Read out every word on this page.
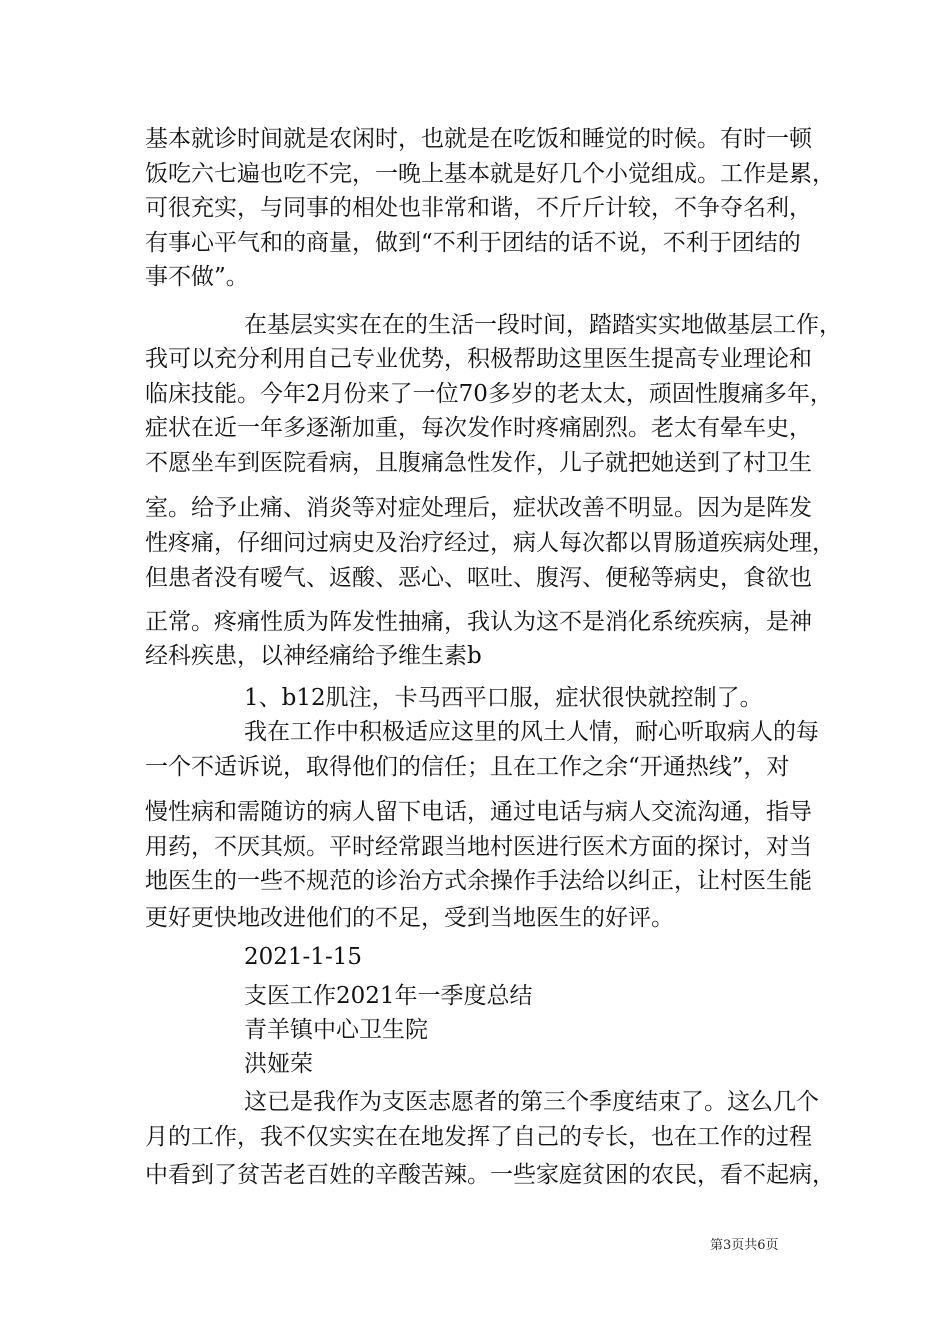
基本就诊时间就是农闲时，也就是在吃饭和睡觉的时候。有时一顿
饭吃六七遍也吃不完，一晚上基本就是好几个小觉组成。工作是累，
可很充实，与同事的相处也非常和谐，不斤斤计较，不争夺名利，
有事心平气和的商量，做到“不利于团结的话不说，不利于团结的
事不做”。
在基层实实在在的生活一段时间，踏踏实实地做基层工作，
我可以充分利用自己专业优势，积极帮助这里医生提高专业理论和
临床技能。今年2月份来了一位70多岁的老太太，顽固性腹痛多年，
症状在近一年多逐渐加重，每次发作时疼痛剧烈。老太有晕车史，
不愿坐车到医院看病，且腹痛急性发作，儿子就把她送到了村卫生
室。给予止痛、消炎等对症处理后，症状改善不明显。因为是阵发
性疼痛，仔细问过病史及治疗经过，病人每次都以胃肠道疾病处理，
但患者没有嗳气、返酸、恶心、呕吐、腹泻、便秘等病史，食欲也
正常。疼痛性质为阵发性抽痛，我认为这不是消化系统疾病，是神
经科疾患，以神经痛给予维生素b
1、b12肌注，卡马西平口服，症状很快就控制了。
我在工作中积极适应这里的风土人情，耐心听取病人的每
一个不适诉说，取得他们的信任；且在工作之余“开通热线”，对
慢性病和需随访的病人留下电话，通过电话与病人交流沟通，指导
用药，不厌其烦。平时经常跟当地村医进行医术方面的探讨，对当
地医生的一些不规范的诊治方式余操作手法给以纠正，让村医生能
更好更快地改进他们的不足，受到当地医生的好评。
2021-1-15
支医工作2021年一季度总结
青羊镇中心卫生院
洪娅荣
这已是我作为支医志愿者的第三个季度结束了。这么几个
月的工作，我不仅实实在在地发挥了自己的专长，也在工作的过程
中看到了贫苦老百姓的辛酸苦辣。一些家庭贫困的农民，看不起病，
第3页共6页
